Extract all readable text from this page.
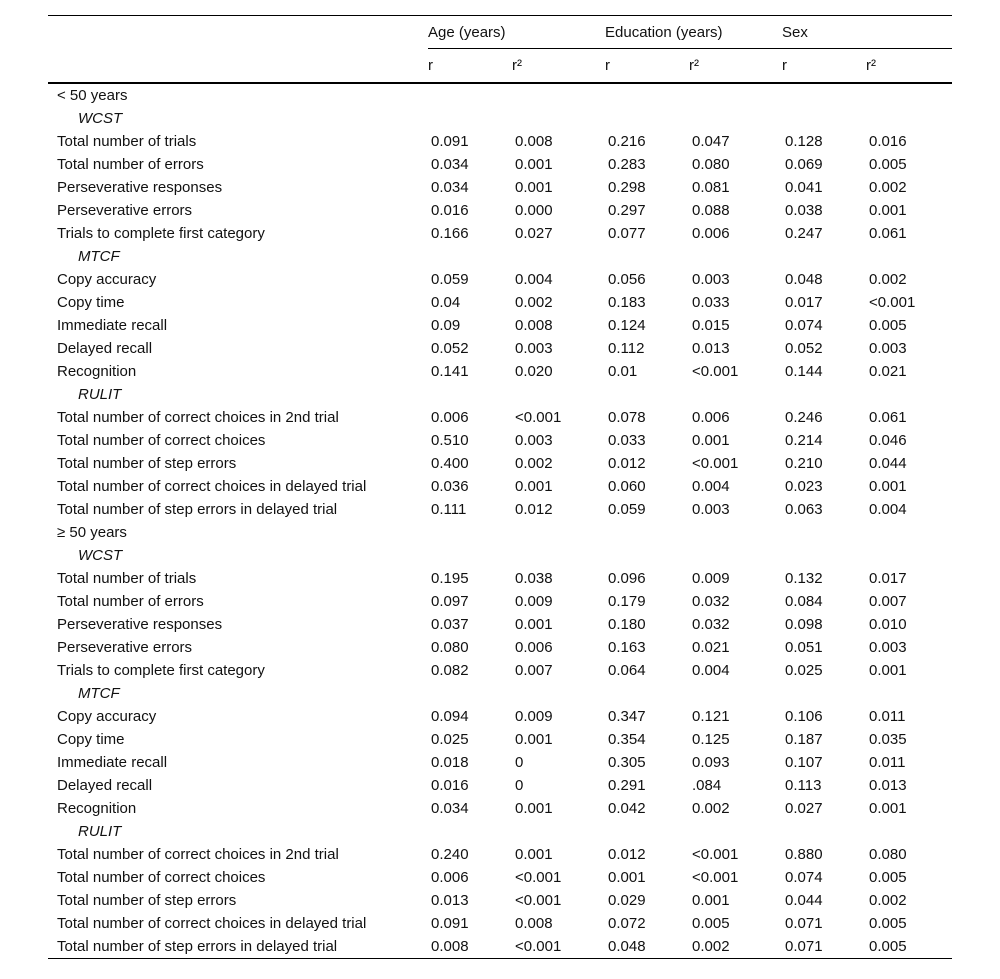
	Age (years)		Education (years)		Sex	
	r	r²	r	r²	r	r²
< 50 years						
WCST						
Total number of trials	0.091	0.008	0.216	0.047	0.128	0.016
Total number of errors	0.034	0.001	0.283	0.080	0.069	0.005
Perseverative responses	0.034	0.001	0.298	0.081	0.041	0.002
Perseverative errors	0.016	0.000	0.297	0.088	0.038	0.001
Trials to complete first category	0.166	0.027	0.077	0.006	0.247	0.061
MTCF						
Copy accuracy	0.059	0.004	0.056	0.003	0.048	0.002
Copy time	0.04	0.002	0.183	0.033	0.017	<0.001
Immediate recall	0.09	0.008	0.124	0.015	0.074	0.005
Delayed recall	0.052	0.003	0.112	0.013	0.052	0.003
Recognition	0.141	0.020	0.01	<0.001	0.144	0.021
RULIT						
Total number of correct choices in 2nd trial	0.006	<0.001	0.078	0.006	0.246	0.061
Total number of correct choices	0.510	0.003	0.033	0.001	0.214	0.046
Total number of step errors	0.400	0.002	0.012	<0.001	0.210	0.044
Total number of correct choices in delayed trial	0.036	0.001	0.060	0.004	0.023	0.001
Total number of step errors in delayed trial	0.111	0.012	0.059	0.003	0.063	0.004
≥ 50 years						
WCST						
Total number of trials	0.195	0.038	0.096	0.009	0.132	0.017
Total number of errors	0.097	0.009	0.179	0.032	0.084	0.007
Perseverative responses	0.037	0.001	0.180	0.032	0.098	0.010
Perseverative errors	0.080	0.006	0.163	0.021	0.051	0.003
Trials to complete first category	0.082	0.007	0.064	0.004	0.025	0.001
MTCF						
Copy accuracy	0.094	0.009	0.347	0.121	0.106	0.011
Copy time	0.025	0.001	0.354	0.125	0.187	0.035
Immediate recall	0.018	0	0.305	0.093	0.107	0.011
Delayed recall	0.016	0	0.291	.084	0.113	0.013
Recognition	0.034	0.001	0.042	0.002	0.027	0.001
RULIT						
Total number of correct choices in 2nd trial	0.240	0.001	0.012	<0.001	0.880	0.080
Total number of correct choices	0.006	<0.001	0.001	<0.001	0.074	0.005
Total number of step errors	0.013	<0.001	0.029	0.001	0.044	0.002
Total number of correct choices in delayed trial	0.091	0.008	0.072	0.005	0.071	0.005
Total number of step errors in delayed trial	0.008	<0.001	0.048	0.002	0.071	0.005
